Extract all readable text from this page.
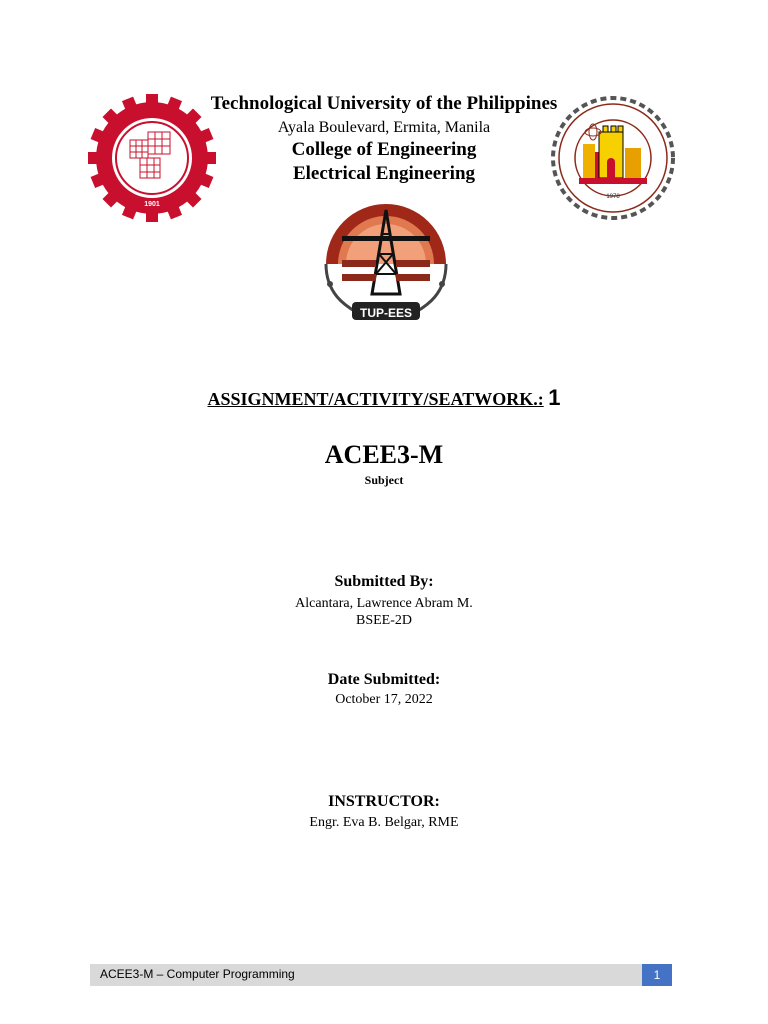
1901
1978
TUP-EES
Technological University of the Philippines
Ayala Boulevard, Ermita, Manila
College of Engineering
Electrical Engineering
ASSIGNMENT/ACTIVITY/SEATWORK.: 1
ACEE3-M
Subject
Submitted By:
Alcantara, Lawrence Abram M.
BSEE-2D
Date Submitted:
October 17, 2022
INSTRUCTOR:
Engr. Eva B. Belgar, RME
ACEE3-M – Computer Programming	1
